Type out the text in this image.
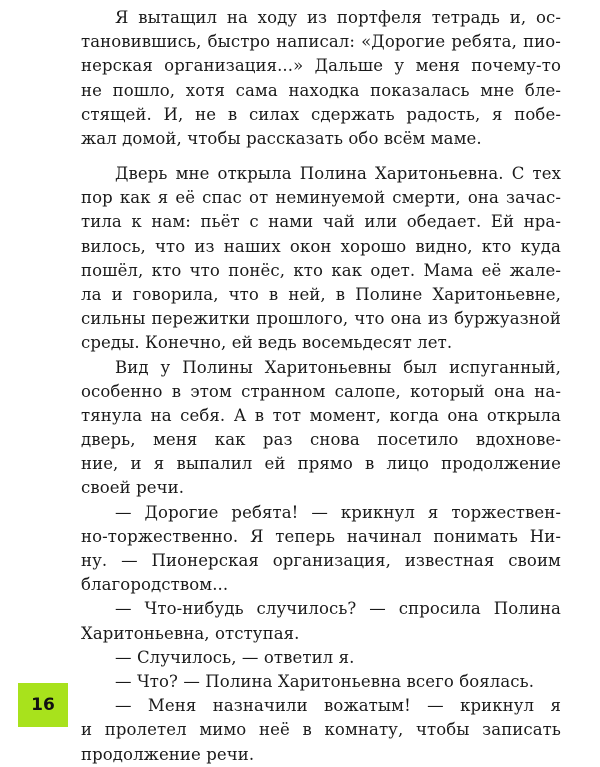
Я вытащил на ходу из портфеля тетрадь и, ос-
тановившись, быстро написал: «Дорогие ребята, пио-
нерская организация...» Дальше у меня почему-то
не пошло, хотя сама находка показалась мне бле-
стящей. И, не в силах сдержать радость, я побе-
жал домой, чтобы рассказать обо всём маме.
Дверь мне открыла Полина Харитоньевна. С тех
пор как я её спас от неминуемой смерти, она зачас-
тила к нам: пьёт с нами чай или обедает. Ей нра-
вилось, что из наших окон хорошо видно, кто куда
пошёл, кто что понёс, кто как одет. Мама её жале-
ла и говорила, что в ней, в Полине Харитоньевне,
сильны пережитки прошлого, что она из буржуазной
среды. Конечно, ей ведь восемьдесят лет.
Вид у Полины Харитоньевны был испуганный,
особенно в этом странном салопе, который она на-
тянула на себя. А в тот момент, когда она открыла
дверь, меня как раз снова посетило вдохнове-
ние, и я выпалил ей прямо в лицо продолжение
своей речи.
— Дорогие ребята! — крикнул я торжествен-
но-торжественно. Я теперь начинал понимать Ни-
ну. — Пионерская организация, известная своим
благородством...
— Что-нибудь случилось? — спросила Полина
Харитоньевна, отступая.
— Случилось, — ответил я.
— Что? — Полина Харитоньевна всего боялась.
— Меня назначили вожатым! — крикнул я
и пролетел мимо неё в комнату, чтобы записать
продолжение речи.
16
